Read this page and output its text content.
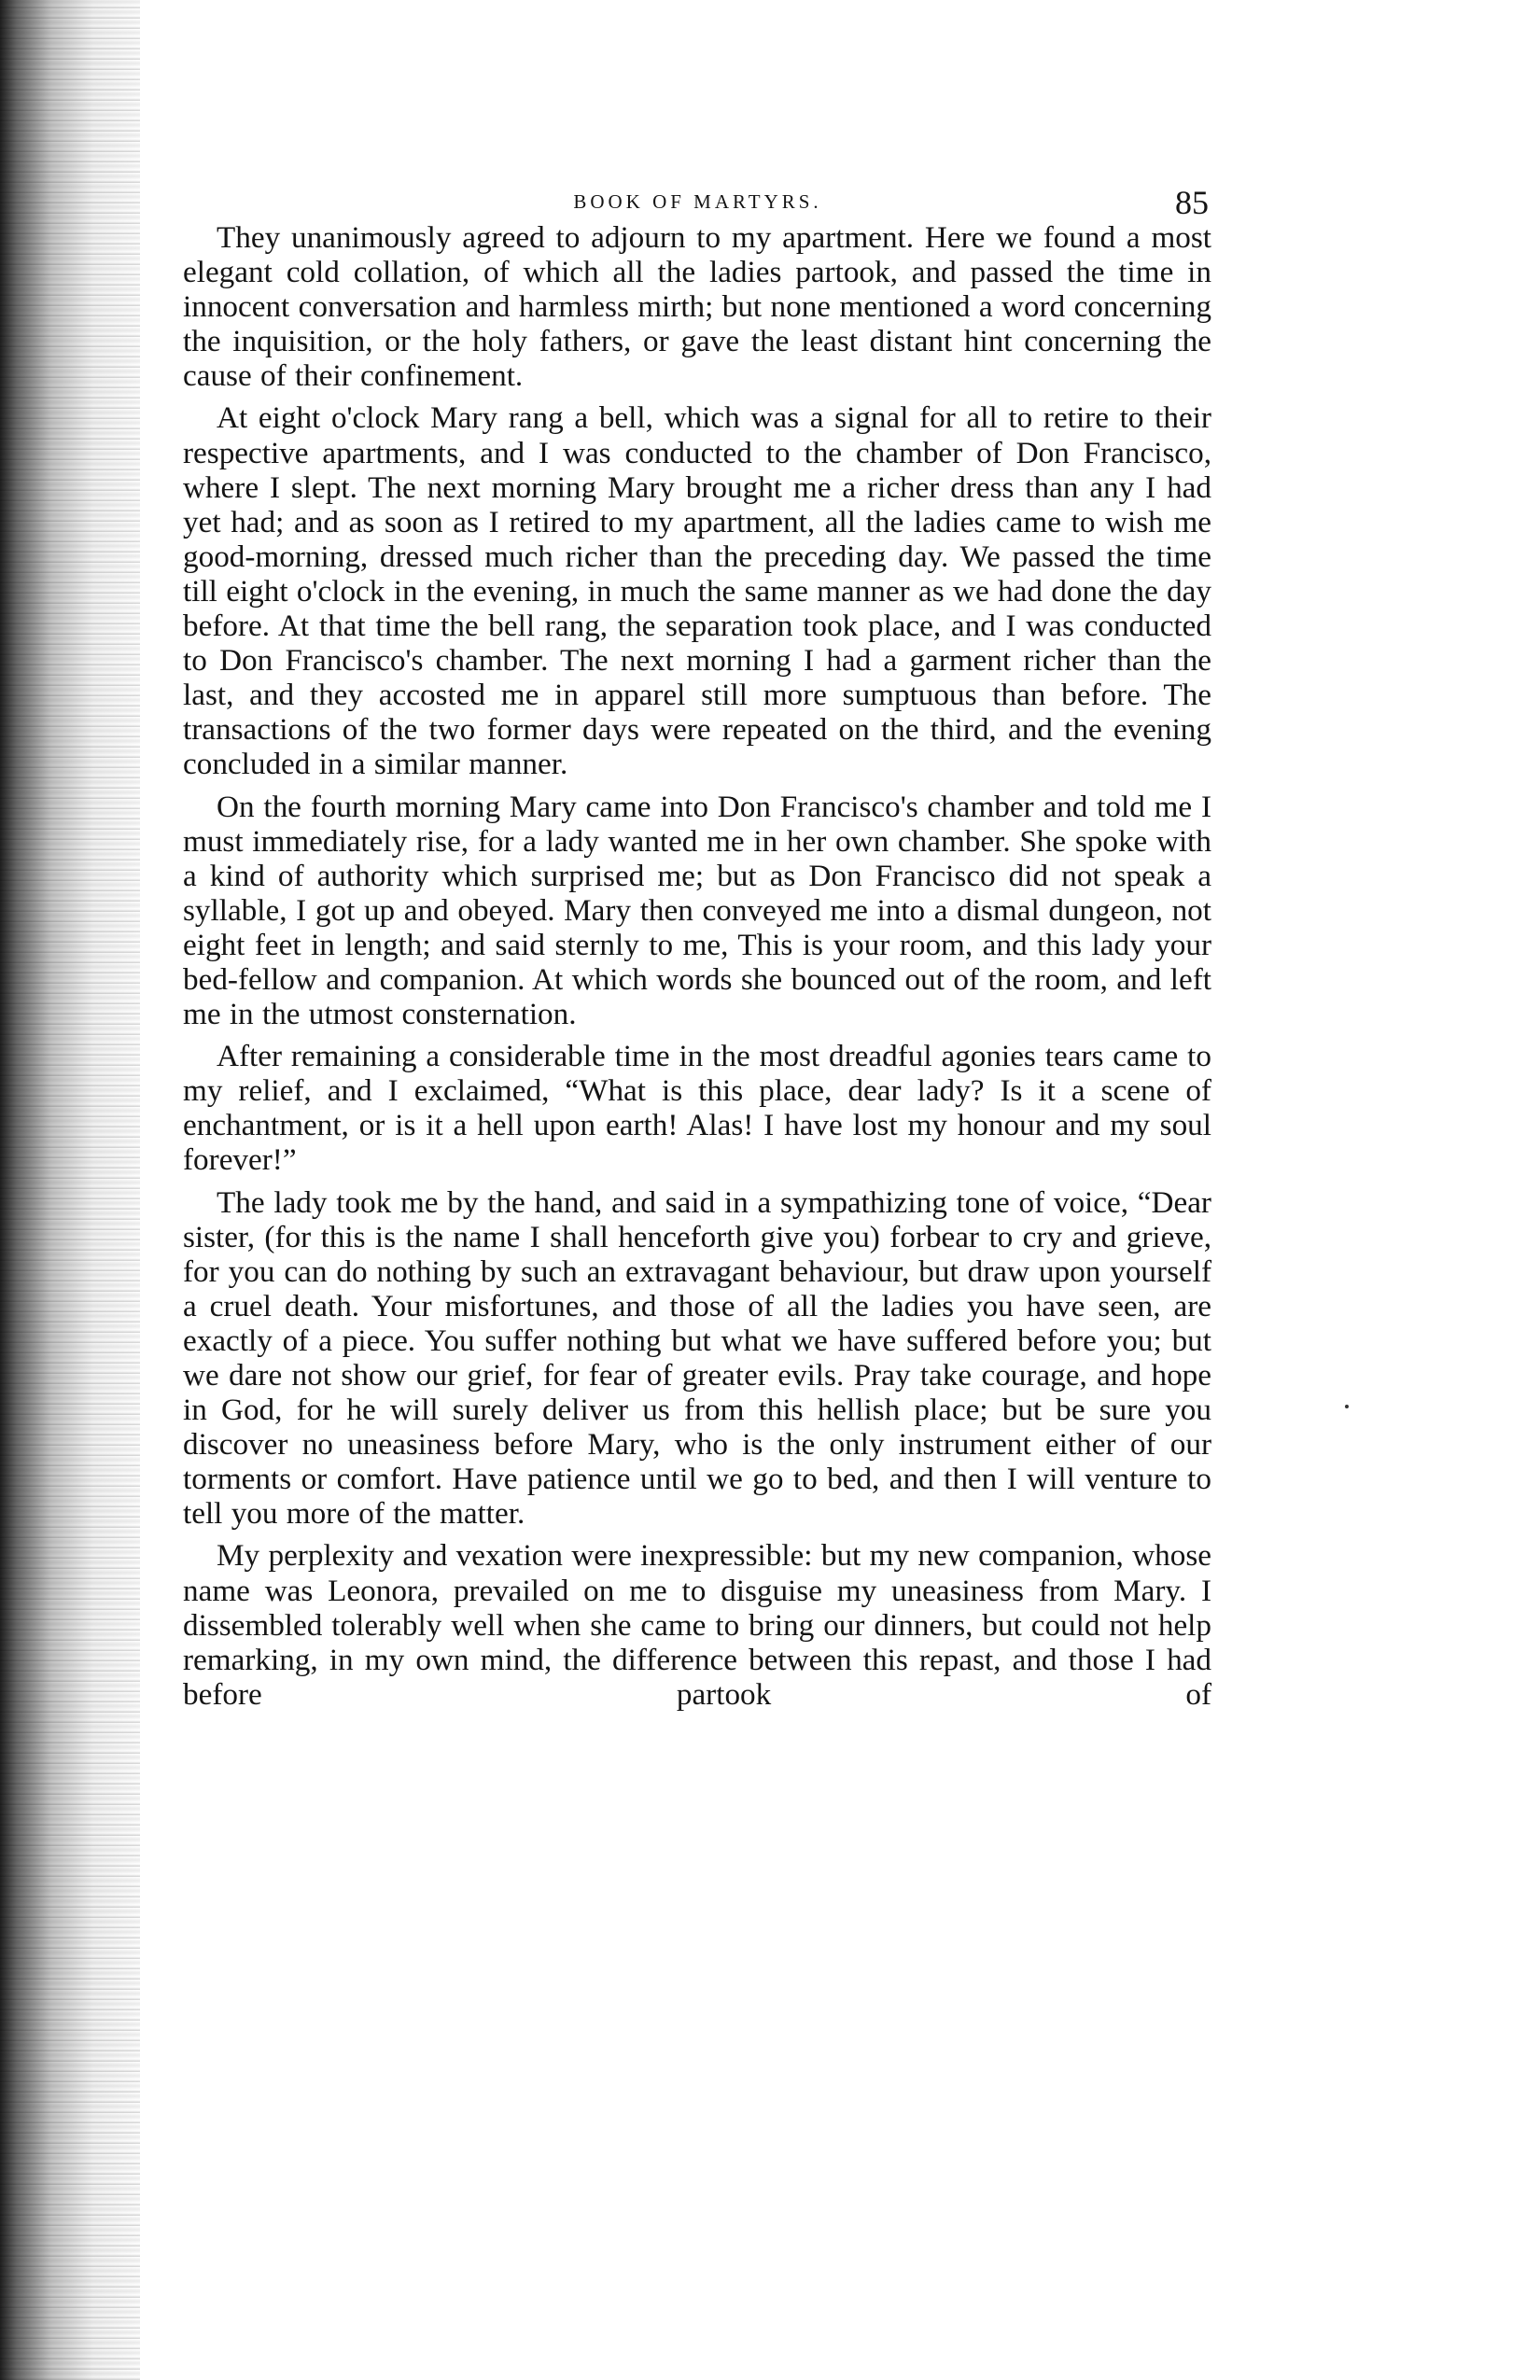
BOOK OF MARTYRS.	85

They unanimously agreed to adjourn to my apartment. Here we found a most elegant cold collation, of which all the ladies partook, and passed the time in innocent conversation and harmless mirth; but none mentioned a word concerning the inquisition, or the holy fathers, or gave the least distant hint concerning the cause of their confinement.

At eight o'clock Mary rang a bell, which was a signal for all to retire to their respective apartments, and I was conducted to the chamber of Don Francisco, where I slept. The next morning Mary brought me a richer dress than any I had yet had; and as soon as I retired to my apartment, all the ladies came to wish me good-morning, dressed much richer than the preceding day. We passed the time till eight o'clock in the evening, in much the same manner as we had done the day before. At that time the bell rang, the separation took place, and I was conducted to Don Francisco's chamber. The next morning I had a garment richer than the last, and they accosted me in apparel still more sumptuous than before. The transactions of the two former days were repeated on the third, and the evening concluded in a similar manner.

On the fourth morning Mary came into Don Francisco's chamber and told me I must immediately rise, for a lady wanted me in her own chamber. She spoke with a kind of authority which surprised me; but as Don Francisco did not speak a syllable, I got up and obeyed. Mary then conveyed me into a dismal dungeon, not eight feet in length; and said sternly to me, This is your room, and this lady your bed-fellow and companion. At which words she bounced out of the room, and left me in the utmost consternation.

After remaining a considerable time in the most dreadful agonies tears came to my relief, and I exclaimed, “What is this place, dear lady? Is it a scene of enchantment, or is it a hell upon earth! Alas! I have lost my honour and my soul forever!”

The lady took me by the hand, and said in a sympathizing tone of voice, “Dear sister, (for this is the name I shall henceforth give you) forbear to cry and grieve, for you can do nothing by such an extravagant behaviour, but draw upon yourself a cruel death. Your misfortunes, and those of all the ladies you have seen, are exactly of a piece. You suffer nothing but what we have suffered before you; but we dare not show our grief, for fear of greater evils. Pray take courage, and hope in God, for he will surely deliver us from this hellish place; but be sure you discover no uneasiness before Mary, who is the only instrument either of our torments or comfort. Have patience until we go to bed, and then I will venture to tell you more of the matter.

My perplexity and vexation were inexpressible: but my new companion, whose name was Leonora, prevailed on me to disguise my uneasiness from Mary. I dissembled tolerably well when she came to bring our dinners, but could not help remarking, in my own mind, the difference between this repast, and those I had before partook of
